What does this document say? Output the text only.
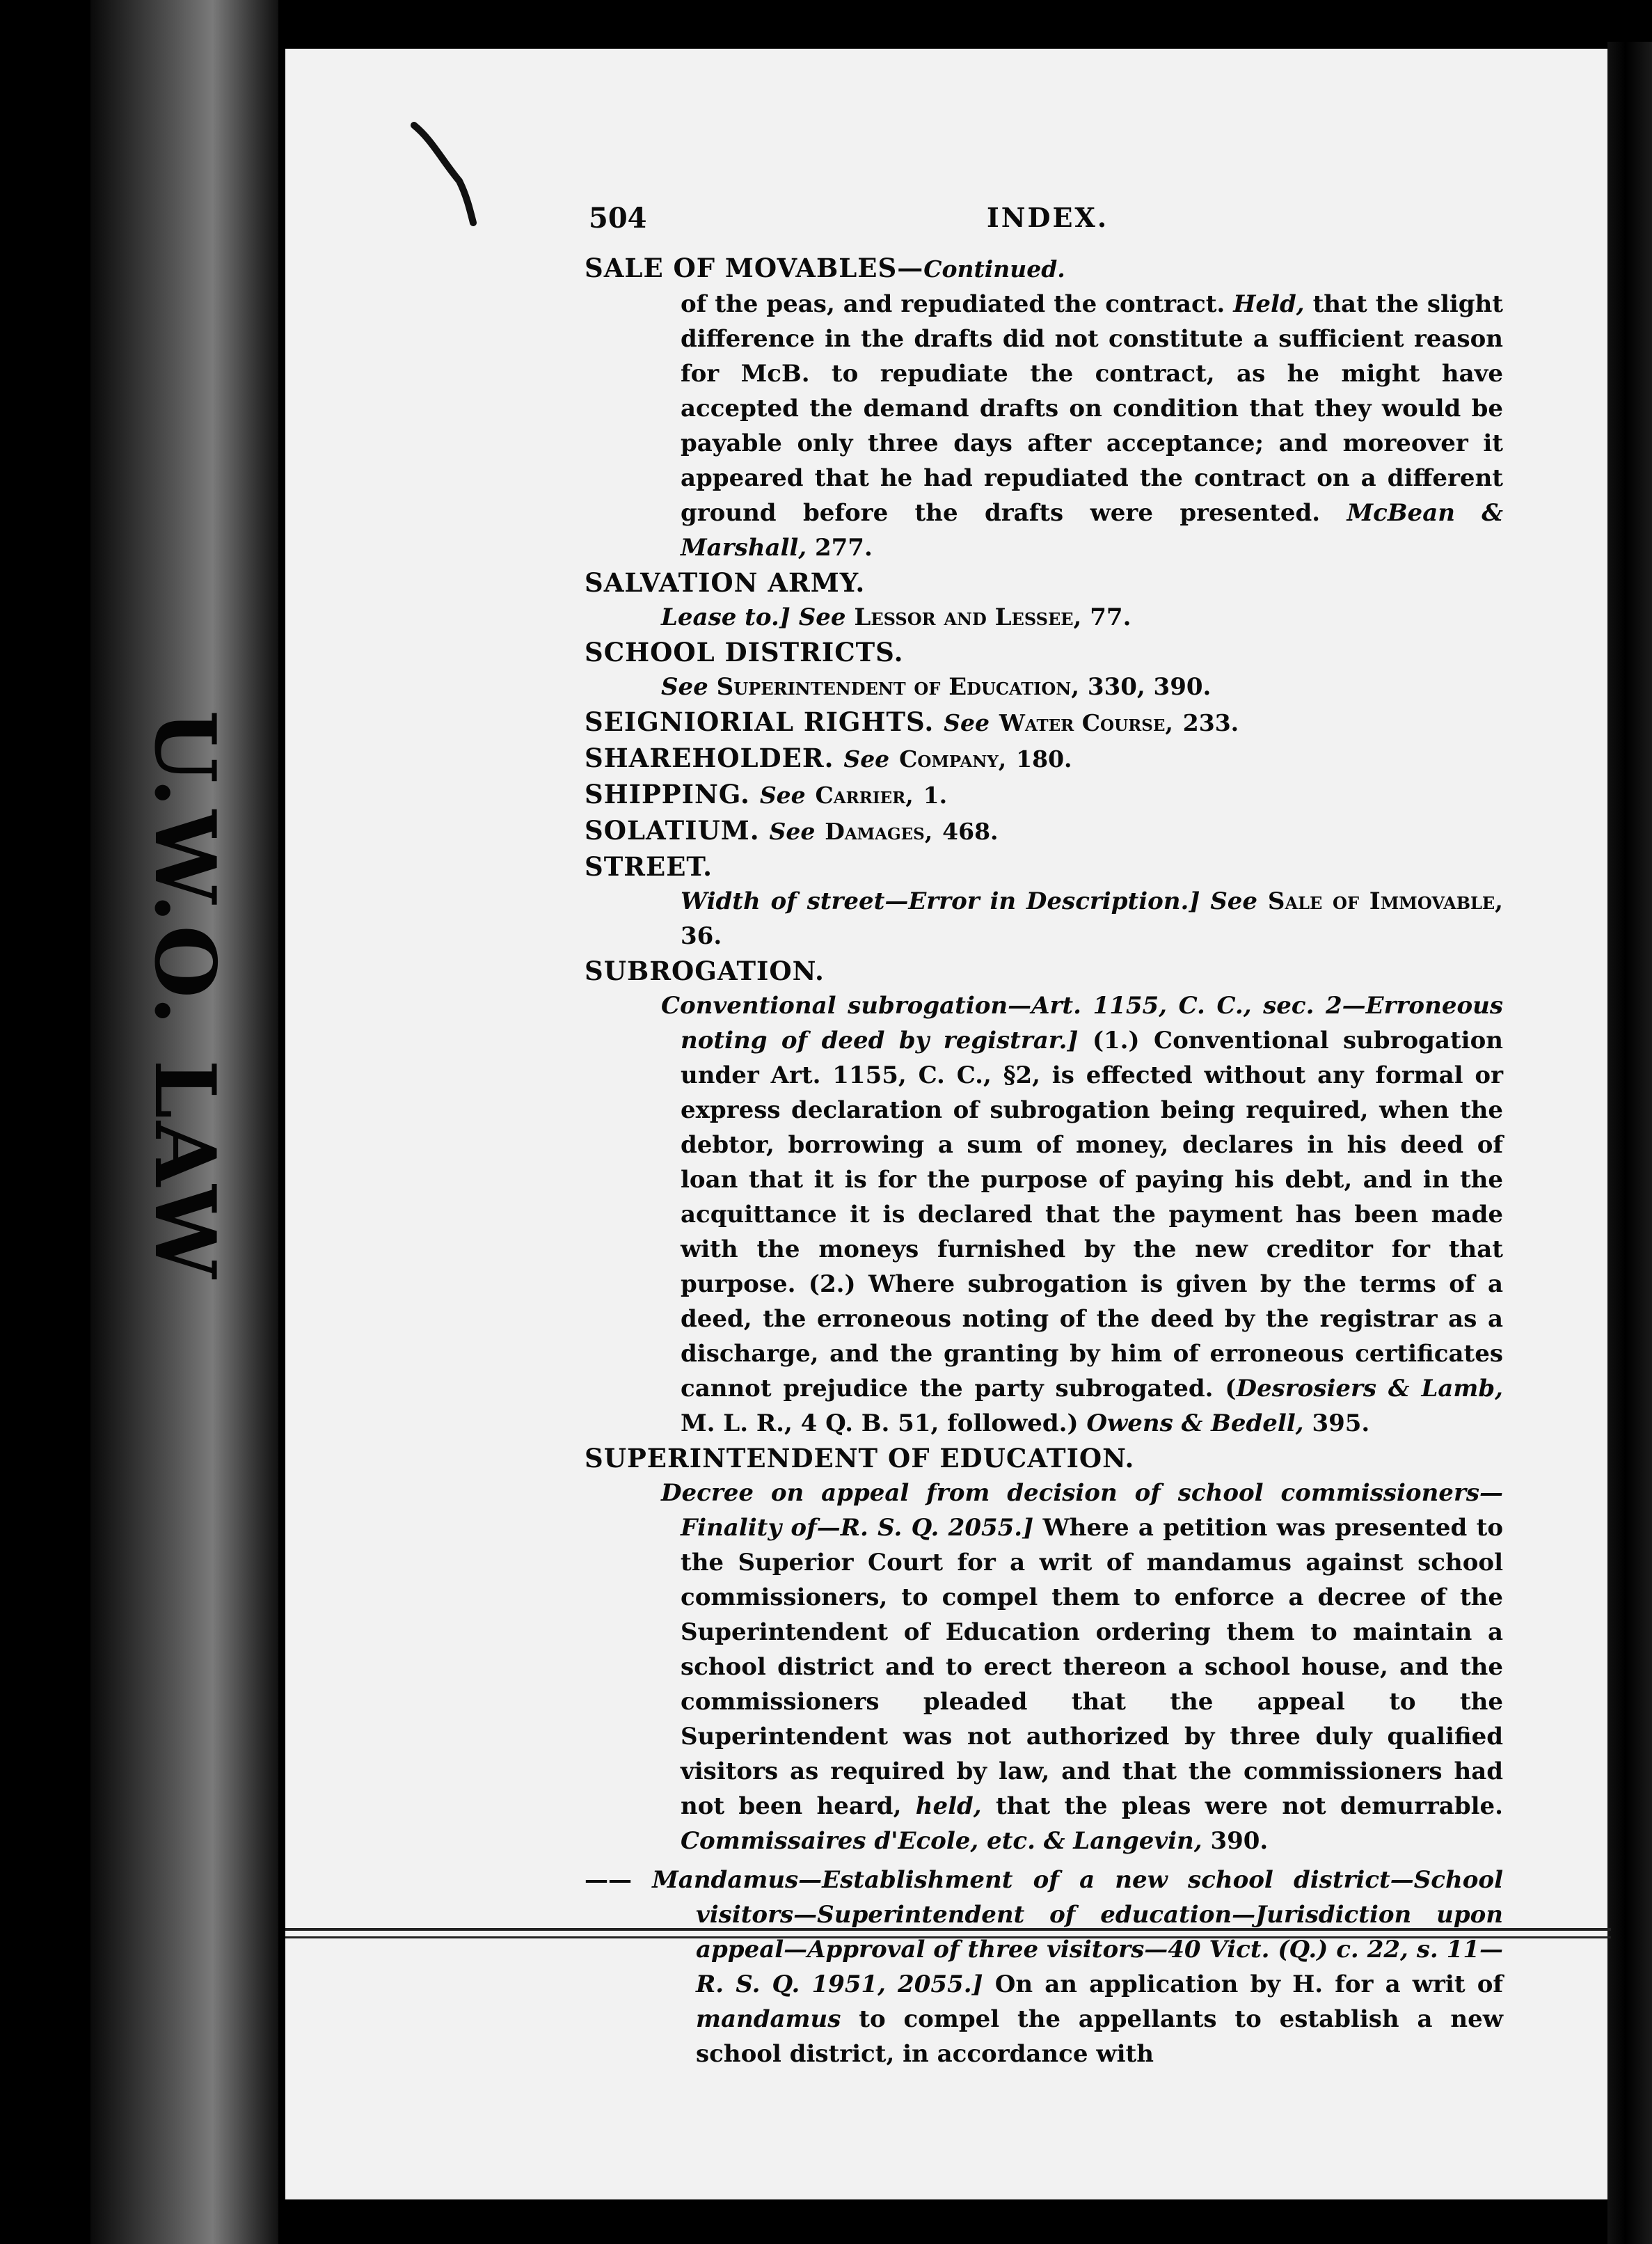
U.W.O. LAW
504	INDEX.

SALE OF MOVABLES—Continued.

of the peas, and repudiated the contract. Held, that the slight difference in the drafts did not constitute a sufficient reason for McB. to repudiate the contract, as he might have accepted the demand drafts on condition that they would be payable only three days after acceptance; and moreover it appeared that he had repudiated the contract on a different ground before the drafts were presented. McBean & Marshall, 277.

SALVATION ARMY.

Lease to.] See Lessor and Lessee, 77.

SCHOOL DISTRICTS.

See Superintendent of Education, 330, 390.

SEIGNIORIAL RIGHTS. See Water Course, 233.

SHAREHOLDER. See Company, 180.

SHIPPING. See Carrier, 1.

SOLATIUM. See Damages, 468.

STREET.

Width of street—Error in Description.] See Sale of Immovable, 36.

SUBROGATION.

Conventional subrogation—Art. 1155, C. C., sec. 2—Erroneous noting of deed by registrar.] (1.) Conventional subrogation under Art. 1155, C. C., §2, is effected without any formal or express declaration of subrogation being required, when the debtor, borrowing a sum of money, declares in his deed of loan that it is for the purpose of paying his debt, and in the acquittance it is declared that the payment has been made with the moneys furnished by the new creditor for that purpose. (2.) Where subrogation is given by the terms of a deed, the erroneous noting of the deed by the registrar as a discharge, and the granting by him of erroneous certificates cannot prejudice the party subrogated. (Desrosiers & Lamb, M. L. R., 4 Q. B. 51, followed.) Owens & Bedell, 395.

SUPERINTENDENT OF EDUCATION.

Decree on appeal from decision of school commissioners—Finality of—R. S. Q. 2055.] Where a petition was presented to the Superior Court for a writ of mandamus against school commissioners, to compel them to enforce a decree of the Superintendent of Education ordering them to maintain a school district and to erect thereon a school house, and the commissioners pleaded that the appeal to the Superintendent was not authorized by three duly qualified visitors as required by law, and that the commissioners had not been heard, held, that the pleas were not demurrable. Commissaires d'Ecole, etc. & Langevin, 390.

—— Mandamus—Establishment of a new school district—School visitors—Superintendent of education—Jurisdiction upon appeal—Approval of three visitors—40 Vict. (Q.) c. 22, s. 11—R. S. Q. 1951, 2055.] On an application by H. for a writ of mandamus to compel the appellants to establish a new school district, in accordance with
